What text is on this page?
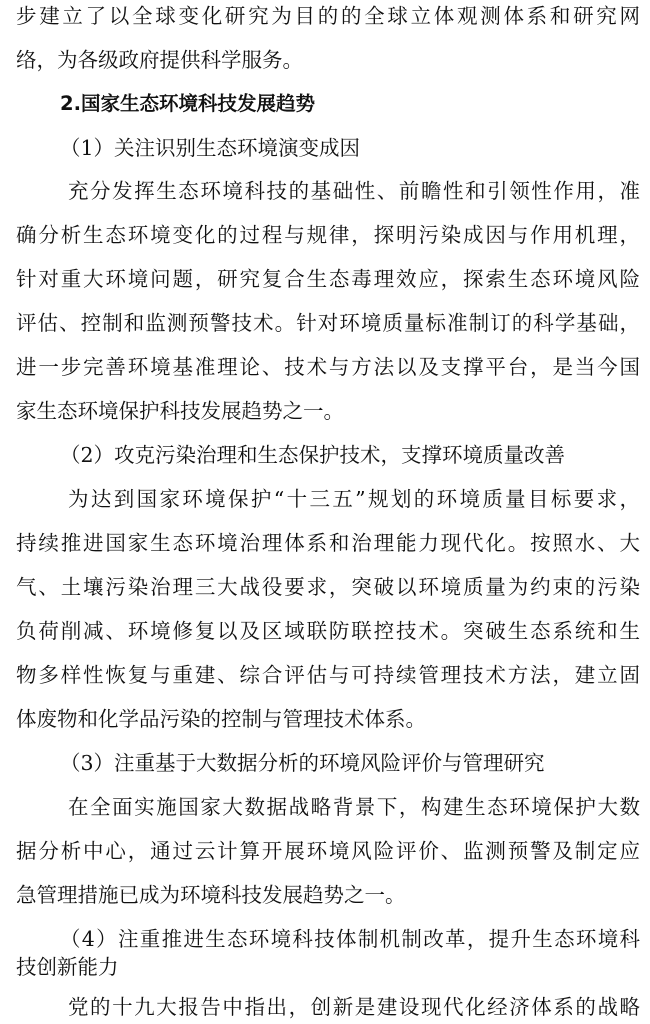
步建立了以全球变化研究为目的的全球立体观测体系和研究网
络，为各级政府提供科学服务。
2.国家生态环境科技发展趋势
（1）关注识别生态环境演变成因
充分发挥生态环境科技的基础性、前瞻性和引领性作用，准
确分析生态环境变化的过程与规律，探明污染成因与作用机理，
针对重大环境问题，研究复合生态毒理效应，探索生态环境风险
评估、控制和监测预警技术。针对环境质量标准制订的科学基础，
进一步完善环境基准理论、技术与方法以及支撑平台，是当今国
家生态环境保护科技发展趋势之一。
（2）攻克污染治理和生态保护技术，支撑环境质量改善
为达到国家环境保护“十三五”规划的环境质量目标要求，
持续推进国家生态环境治理体系和治理能力现代化。按照水、大
气、土壤污染治理三大战役要求，突破以环境质量为约束的污染
负荷削减、环境修复以及区域联防联控技术。突破生态系统和生
物多样性恢复与重建、综合评估与可持续管理技术方法，建立固
体废物和化学品污染的控制与管理技术体系。
（3）注重基于大数据分析的环境风险评价与管理研究
在全面实施国家大数据战略背景下，构建生态环境保护大数
据分析中心，通过云计算开展环境风险评价、监测预警及制定应
急管理措施已成为环境科技发展趋势之一。
（4）注重推进生态环境科技体制机制改革，提升生态环境科
技创新能力
党的十九大报告中指出，创新是建设现代化经济体系的战略
